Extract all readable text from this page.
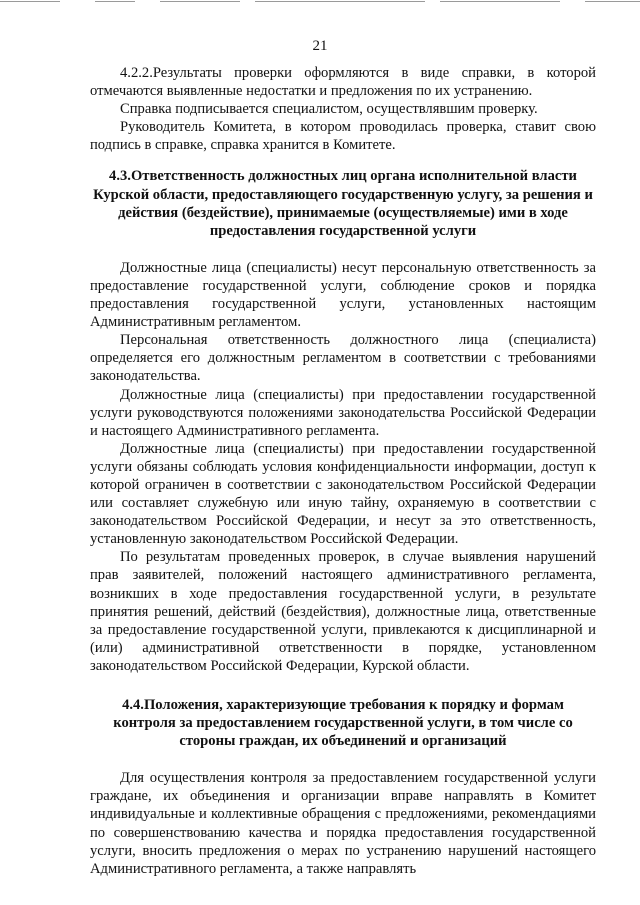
21

4.2.2.Результаты проверки оформляются в виде справки, в которой отмечаются выявленные недостатки и предложения по их устранению.

Справка подписывается специалистом, осуществлявшим проверку.

Руководитель Комитета, в котором проводилась проверка, ставит свою подпись в справке, справка хранится в Комитете.

4.3.Ответственность должностных лиц органа исполнительной власти Курской области, предоставляющего государственную услугу, за решения и действия (бездействие), принимаемые (осуществляемые) ими в ходе предоставления государственной услуги

Должностные лица (специалисты) несут персональную ответственность за предоставление государственной услуги, соблюдение сроков и порядка предоставления государственной услуги, установленных настоящим Административным регламентом.

Персональная ответственность должностного лица (специалиста) определяется его должностным регламентом в соответствии с требованиями законодательства.

Должностные лица (специалисты) при предоставлении государственной услуги руководствуются положениями законодательства Российской Федерации и настоящего Административного регламента.

Должностные лица (специалисты) при предоставлении государственной услуги обязаны соблюдать условия конфиденциальности информации, доступ к которой ограничен в соответствии с законодательством Российской Федерации или составляет служебную или иную тайну, охраняемую в соответствии с законодательством Российской Федерации, и несут за это ответственность, установленную законодательством Российской Федерации.

По результатам проведенных проверок, в случае выявления нарушений прав заявителей, положений настоящего административного регламента, возникших в ходе предоставления государственной услуги, в результате принятия решений, действий (бездействия), должностные лица, ответственные за предоставление государственной услуги, привлекаются к дисциплинарной и (или) административной ответственности в порядке, установленном законодательством Российской Федерации, Курской области.

4.4.Положения, характеризующие требования к порядку и формам контроля за предоставлением государственной услуги, в том числе со стороны граждан, их объединений и организаций

Для осуществления контроля за предоставлением государственной услуги граждане, их объединения и организации вправе направлять в Комитет индивидуальные и коллективные обращения с предложениями, рекомендациями по совершенствованию качества и порядка предоставления государственной услуги, вносить предложения о мерах по устранению нарушений настоящего Административного регламента, а также направлять
